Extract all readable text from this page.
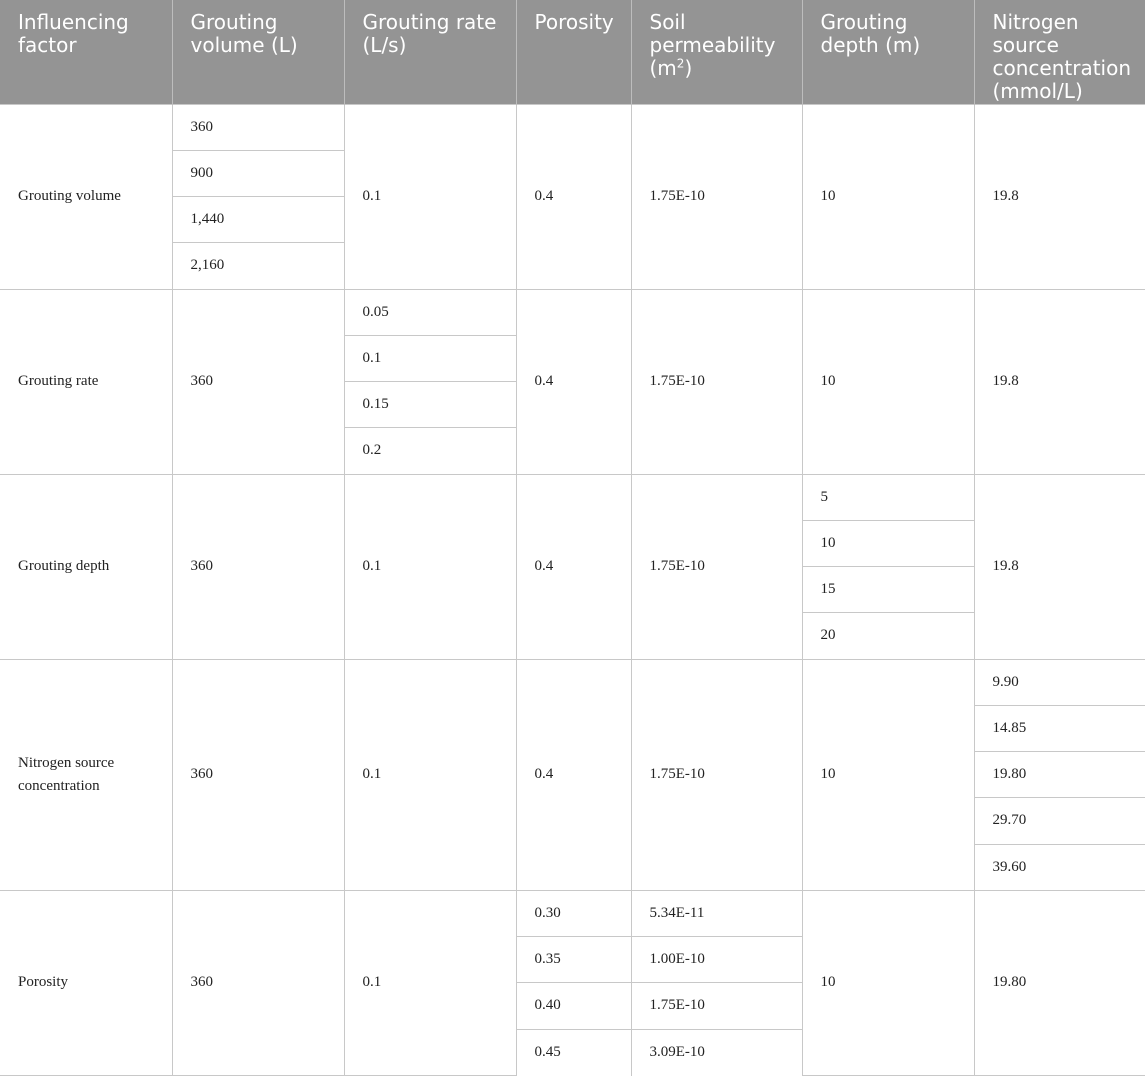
Influencing factor	Grouting volume (L)	Grouting rate (L/s)	Porosity	Soil permeability $(m^2)$	Grouting depth (m)	Nitrogen source concentration (mmol/L)
Grouting volume	360	0.1	0.4	1.75E-10	10	19.8
	900					
	1,440					
	2,160					
Grouting rate	360	0.05	0.4	1.75E-10	10	19.8
		0.1				
		0.15				
		0.2				
Grouting depth	360	0.1	0.4	1.75E-10	5	19.8
					10	
					15	
					20	
Nitrogen source concentration	360	0.1	0.4	1.75E-10	10	9.90
						14.85
						19.80
						29.70
						39.60
Porosity	360	0.1	0.30	5.34E-11	10	19.80
			0.35	1.00E-10		
			0.40	1.75E-10		
			0.45	3.09E-10		
